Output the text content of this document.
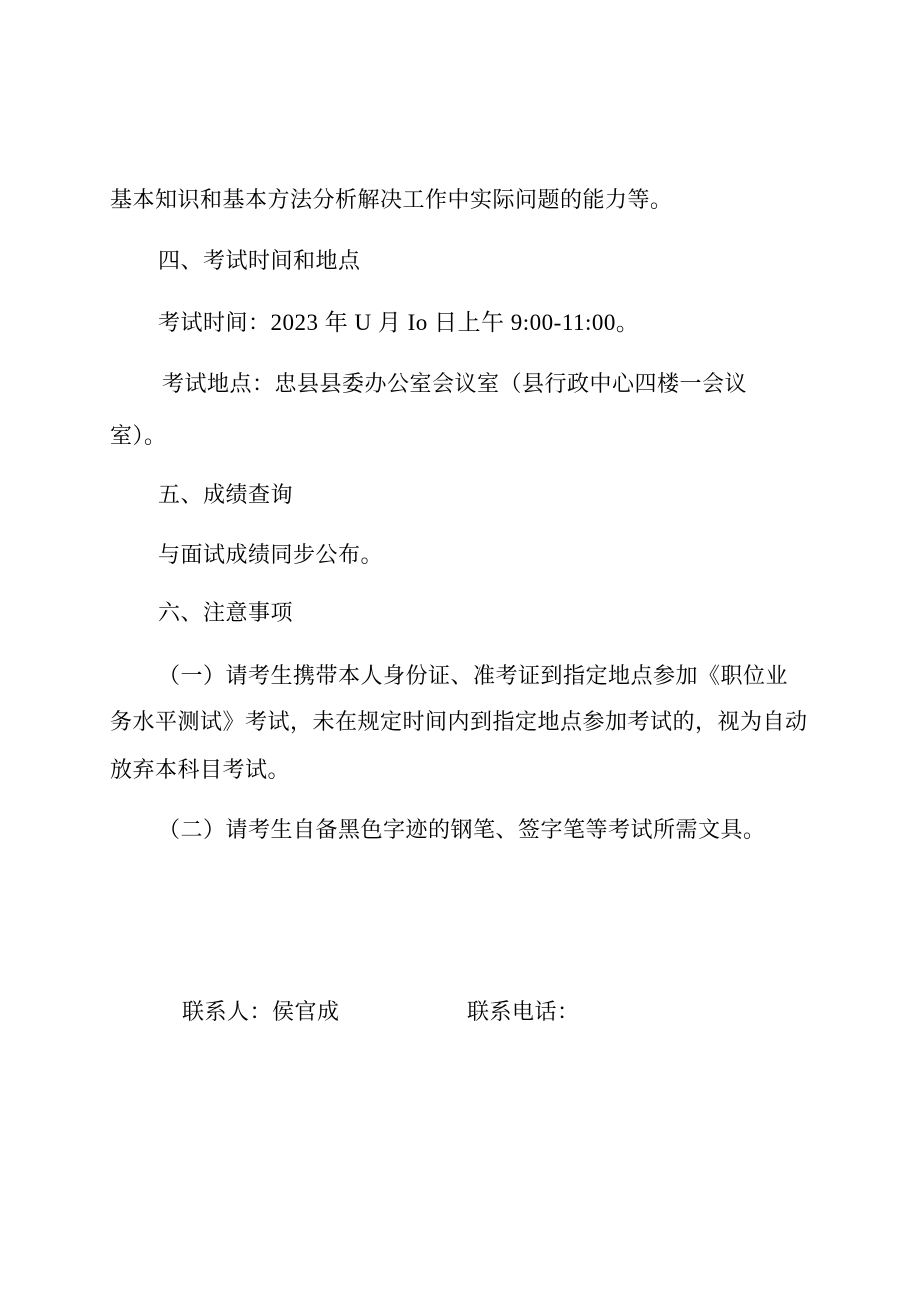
基本知识和基本方法分析解决工作中实际问题的能力等。
四、考试时间和地点
考试时间：2023 年 U 月 Io 日上午 9:00-11:00。
考试地点：忠县县委办公室会议室（县行政中心四楼一会议
室）。
五、成绩查询
与面试成绩同步公布。
六、注意事项
（一）请考生携带本人身份证、准考证到指定地点参加《职位业
务水平测试》考试，未在规定时间内到指定地点参加考试的，视为自动
放弃本科目考试。
（二）请考生自备黑色字迹的钢笔、签字笔等考试所需文具。
联系人：侯官成	联系电话：
